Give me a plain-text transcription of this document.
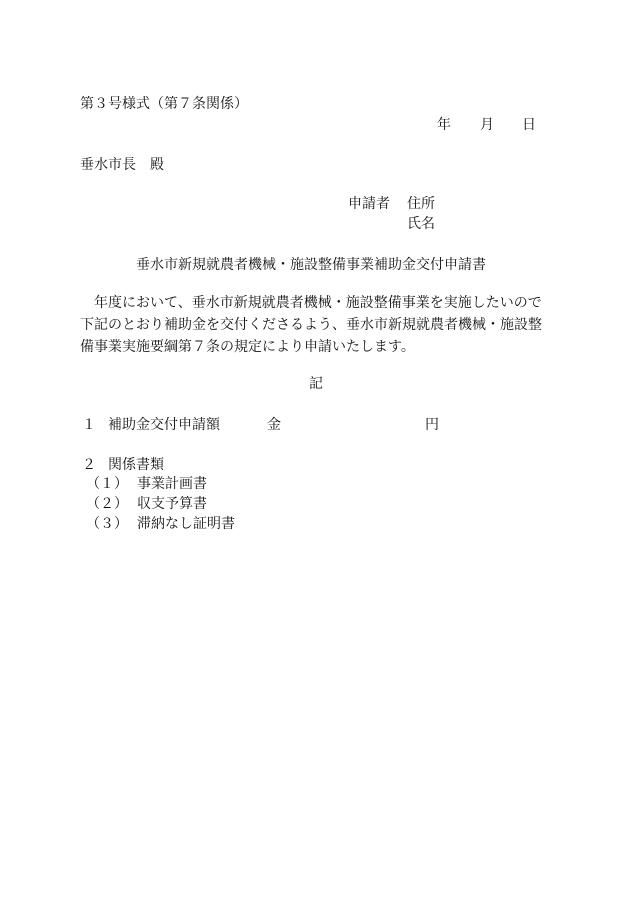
第３号様式（第７条関係）
年 月 日
垂水市長　殿
申請者 住所
氏名
垂水市新規就農者機械・施設整備事業補助金交付申請書
　年度において、垂水市新規就農者機械・施設整備事業を実施したいので
下記のとおり補助金を交付くださるよう、垂水市新規就農者機械・施設整
備事業実施要綱第７条の規定により申請いたします。
記
１ 補助金交付申請額	金	円
２ 関係書類
（１） 事業計画書
（２） 収支予算書
（３） 滞納なし証明書
